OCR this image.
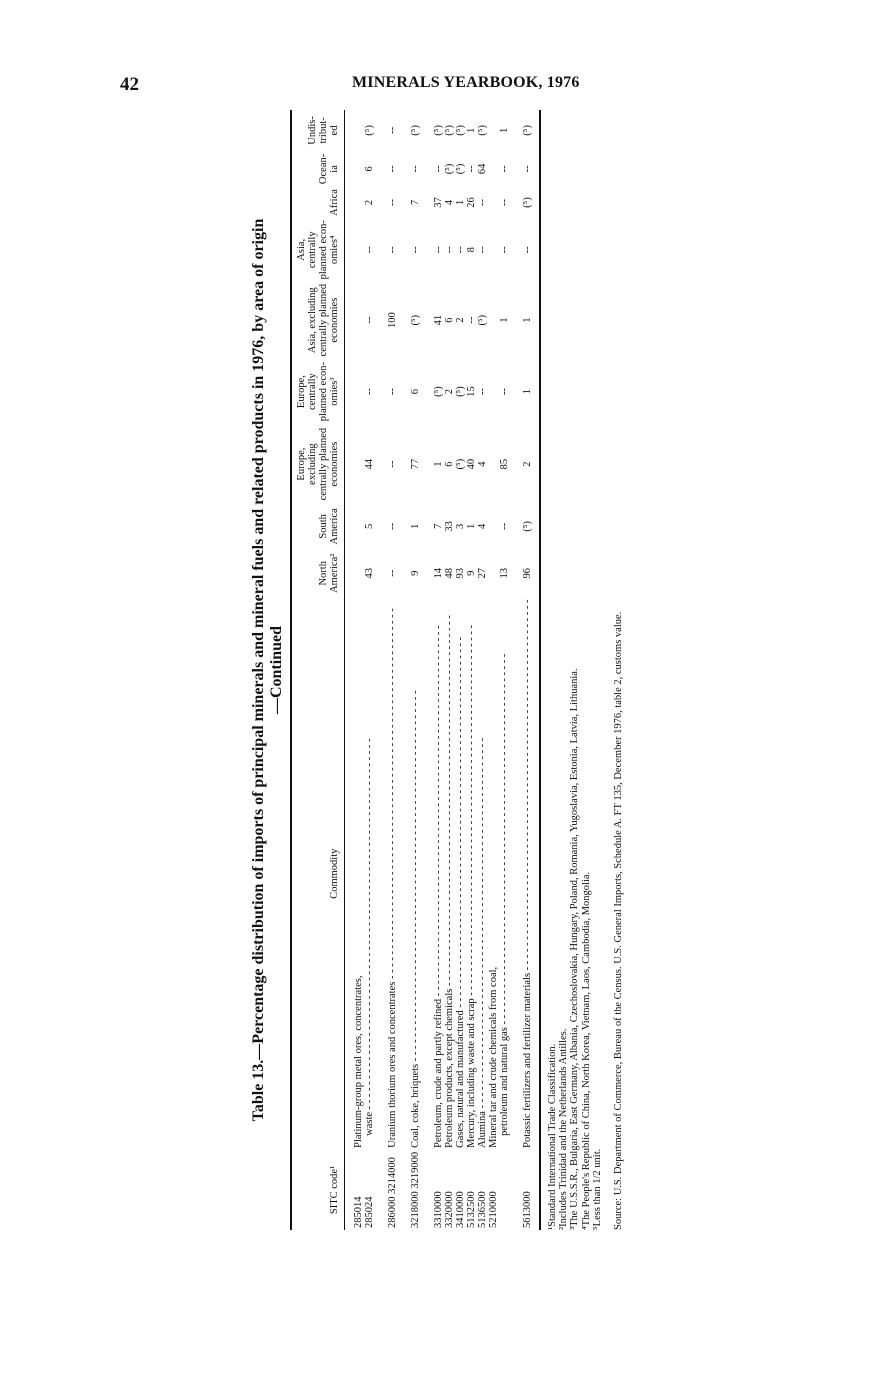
42	MINERALS YEARBOOK, 1976

Table 13.—Percentage distribution of imports of principal minerals and mineral fuels and related products in 1976, by area of origin —Continued

SITC code¹	Commodity	North America²	South America	Europe, excluding centrally planned economies	Europe, centrally planned econ- omies³	Asia, excluding centrally planned economies	Asia, centrally planned econ- omies⁴	Africa	Ocean- ia	Undis- tribut- ed
285014	Platinum-group metal ores, concentrates,									
285024	waste - - -	43	5	44	--	--	--	2	6	(⁵)
286000 3214000	Uranium thorium ores and concentrates - - -	--	--	--	--	100	--	--	--	--
3218000 3219000	Coal, coke, briquets - - -	9	1	77	6	(⁵)	--	7	--	(⁵)
3310000	Petroleum, crude and partly refined - - -	14	7	1	(⁵)	41	--	37	--	(⁵)
3320000	Petroleum products, except chemicals - - -	48	33	6	2	6	--	4	(⁵)	(⁵)
3410000	Gases, natural and manufactured - - -	93	3	(⁵)	(⁵)	2	--	1	(⁵)	(⁵)
5132500	Mercury, including waste and scrap - - -	9	1	40	15	--	8	26	--	1
5136500	Alumina - - -	27	4	4	--	(⁵)	--	--	64	(⁵)
5210000	Mineral tar and crude chemicals from coal,									
	petroleum and natural gas - - -	13	--	85	--	1	--	--	--	1
5613000	Potassic fertilizers and fertilizer materials - - -	96	(⁵)	2	1	1	--	(⁵)	--	(⁵)

¹Standard International Trade Classification. ²Includes Trinidad and the Netherlands Antilles. ³The U.S.S.R., Bulgaria, East Germany, Albania, Czechoslovakia, Hungary, Poland, Romania, Yugoslavia, Estonia, Latvia, Lithuania. ⁴The People's Republic of China, North Korea, Vietnam, Laos, Cambodia, Mongolia. ⁵Less than 1/2 unit. Source: U.S. Department of Commerce, Bureau of the Census. U.S. General Imports, Schedule A. FT 135, December 1976, table 2, customs value.
